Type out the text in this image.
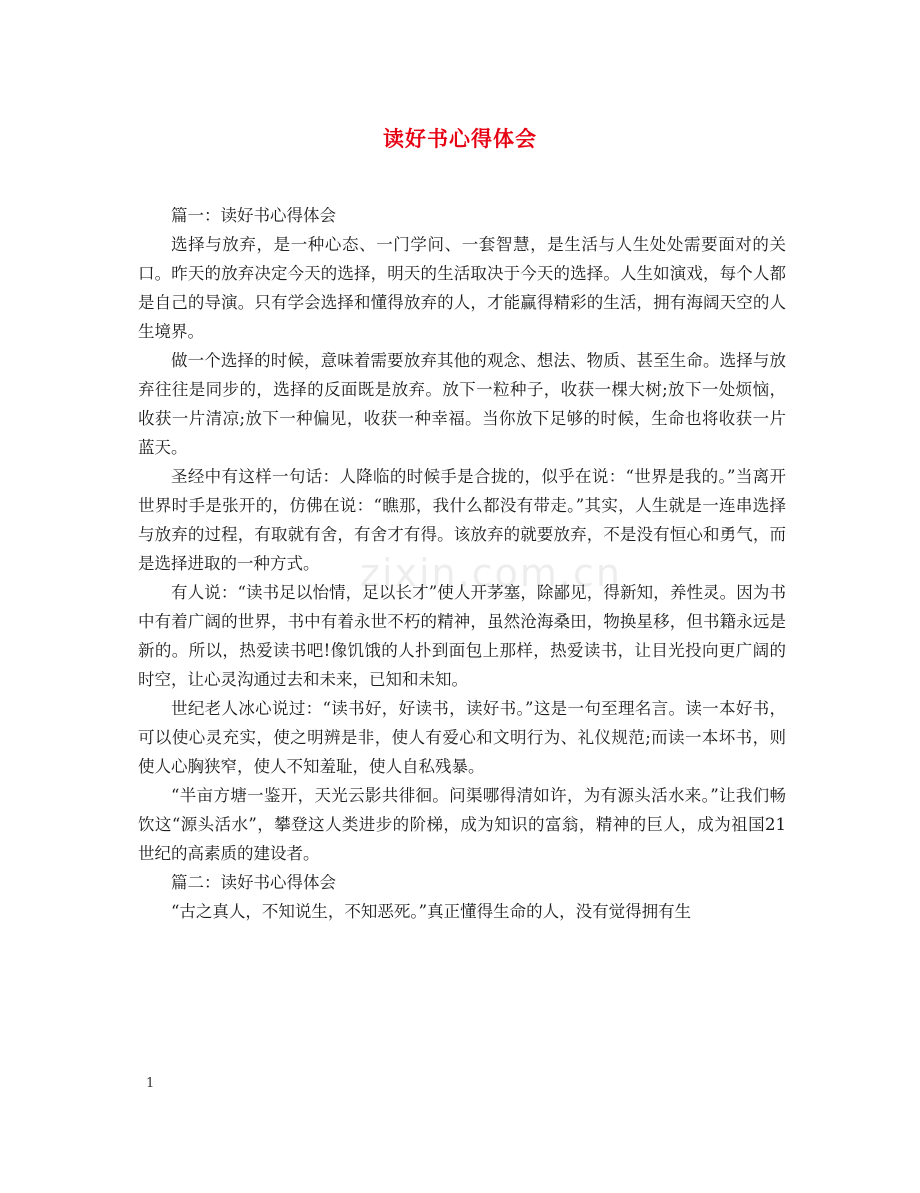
读好书心得体会
zixin.com.cn

篇一：读好书心得体会

选择与放弃，是一种心态、一门学问、一套智慧，是生活与人生处处需要面对的关口。昨天的放弃决定今天的选择，明天的生活取决于今天的选择。人生如演戏，每个人都是自己的导演。只有学会选择和懂得放弃的人，才能赢得精彩的生活，拥有海阔天空的人生境界。

做一个选择的时候，意味着需要放弃其他的观念、想法、物质、甚至生命。选择与放弃往往是同步的，选择的反面既是放弃。放下一粒种子，收获一棵大树;放下一处烦恼，收获一片清凉;放下一种偏见，收获一种幸福。当你放下足够的时候，生命也将收获一片蓝天。

圣经中有这样一句话：人降临的时候手是合拢的，似乎在说：“世界是我的。”当离开世界时手是张开的，仿佛在说：“瞧那，我什么都没有带走。”其实，人生就是一连串选择与放弃的过程，有取就有舍，有舍才有得。该放弃的就要放弃，不是没有恒心和勇气，而是选择进取的一种方式。

有人说：“读书足以怡情，足以长才”使人开茅塞，除鄙见，得新知，养性灵。因为书中有着广阔的世界，书中有着永世不朽的精神，虽然沧海桑田，物换星移，但书籍永远是新的。所以，热爱读书吧!像饥饿的人扑到面包上那样，热爱读书，让目光投向更广阔的时空，让心灵沟通过去和未来，已知和未知。

世纪老人冰心说过：“读书好，好读书，读好书。”这是一句至理名言。读一本好书，可以使心灵充实，使之明辨是非，使人有爱心和文明行为、礼仪规范;而读一本坏书，则使人心胸狭窄，使人不知羞耻，使人自私残暴。

“半亩方塘一鉴开，天光云影共徘徊。问渠哪得清如许，为有源头活水来。”让我们畅饮这“源头活水”，攀登这人类进步的阶梯，成为知识的富翁，精神的巨人，成为祖国21世纪的高素质的建设者。

篇二：读好书心得体会

“古之真人，不知说生，不知恶死。”真正懂得生命的人，没有觉得拥有生

1
